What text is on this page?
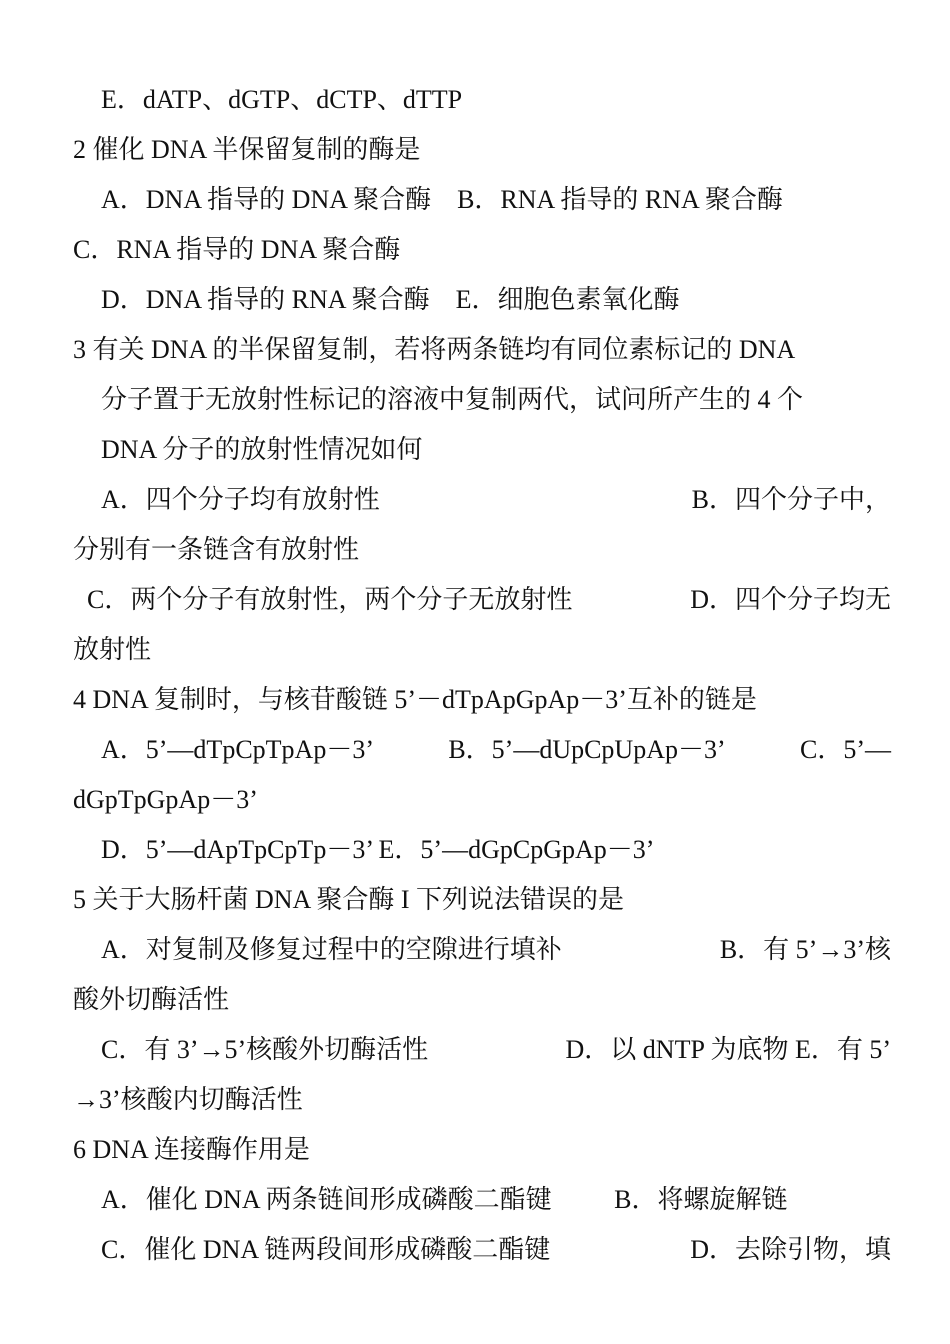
E．dATP、dGTP、dCTP、dTTP
2 催化 DNA 半保留复制的酶是
A．DNA 指导的 DNA 聚合酶　B．RNA 指导的 RNA 聚合酶
C．RNA 指导的 DNA 聚合酶
D．DNA 指导的 RNA 聚合酶　E．细胞色素氧化酶
3 有关 DNA 的半保留复制，若将两条链均有同位素标记的 DNA
分子置于无放射性标记的溶液中复制两代，试问所产生的 4 个
DNA 分子的放射性情况如何
A．四个分子均有放射性	B．四个分子中，
分别有一条链含有放射性
C．两个分子有放射性，两个分子无放射性	D．四个分子均无
放射性
4 DNA 复制时，与核苷酸链 5’－dTpApGpAp－3’互补的链是
A．5’—dTpCpTpAp－3’	B．5’—dUpCpUpAp－3’	C．5’—
dGpTpGpAp－3’
D．5’—dApTpCpTp－3’ E．5’—dGpCpGpAp－3’
5 关于大肠杆菌 DNA 聚合酶 I 下列说法错误的是
A．对复制及修复过程中的空隙进行填补	B．有 5’→3’核
酸外切酶活性
C．有 3’→5’核酸外切酶活性	D．以 dNTP 为底物 E．有 5’
→3’核酸内切酶活性
6 DNA 连接酶作用是
A．催化 DNA 两条链间形成磷酸二酯键 B．将螺旋解链
C．催化 DNA 链两段间形成磷酸二酯键	D．去除引物，填
